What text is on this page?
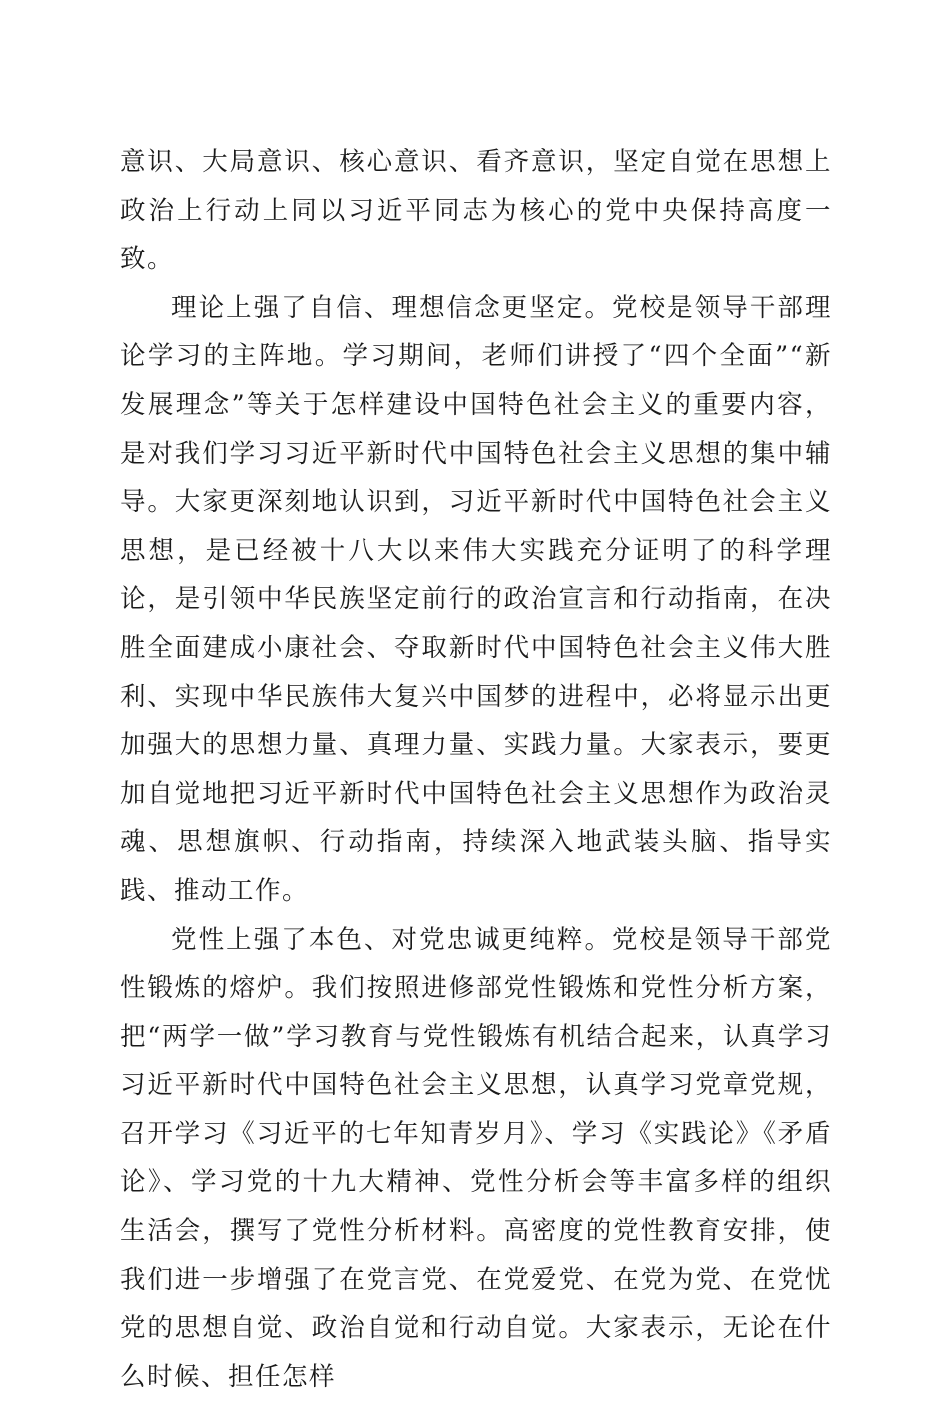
意识、大局意识、核心意识、看齐意识，坚定自觉在思想上政治上行动上同以习近平同志为核心的党中央保持高度一致。

理论上强了自信、理想信念更坚定。党校是领导干部理论学习的主阵地。学习期间，老师们讲授了“四个全面”“新发展理念”等关于怎样建设中国特色社会主义的重要内容，是对我们学习习近平新时代中国特色社会主义思想的集中辅导。大家更深刻地认识到，习近平新时代中国特色社会主义思想，是已经被十八大以来伟大实践充分证明了的科学理论，是引领中华民族坚定前行的政治宣言和行动指南，在决胜全面建成小康社会、夺取新时代中国特色社会主义伟大胜利、实现中华民族伟大复兴中国梦的进程中，必将显示出更加强大的思想力量、真理力量、实践力量。大家表示，要更加自觉地把习近平新时代中国特色社会主义思想作为政治灵魂、思想旗帜、行动指南，持续深入地武装头脑、指导实践、推动工作。

党性上强了本色、对党忠诚更纯粹。党校是领导干部党性锻炼的熔炉。我们按照进修部党性锻炼和党性分析方案，把“两学一做”学习教育与党性锻炼有机结合起来，认真学习习近平新时代中国特色社会主义思想，认真学习党章党规，召开学习《习近平的七年知青岁月》、学习《实践论》《矛盾论》、学习党的十九大精神、党性分析会等丰富多样的组织生活会，撰写了党性分析材料。高密度的党性教育安排，使我们进一步增强了在党言党、在党爱党、在党为党、在党忧党的思想自觉、政治自觉和行动自觉。大家表示，无论在什么时候、担任怎样
